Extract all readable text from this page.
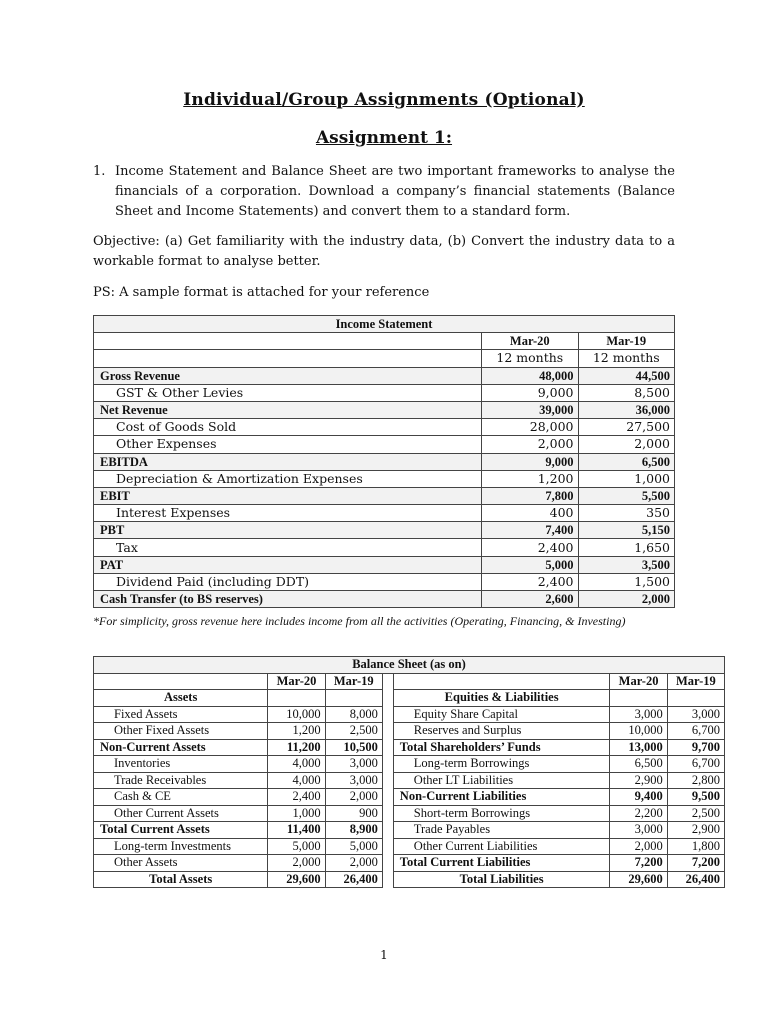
Individual/Group Assignments (Optional)
Assignment 1:

1. Income Statement and Balance Sheet are two important frameworks to analyse the financials of a corporation. Download a company’s financial statements (Balance Sheet and Income Statements) and convert them to a standard form.

Objective: (a) Get familiarity with the industry data, (b) Convert the industry data to a workable format to analyse better.

PS: A sample format is attached for your reference

Income Statement		
	Mar-20	Mar-19
	12 months	12 months
Gross Revenue	48,000	44,500
GST & Other Levies	9,000	8,500
Net Revenue	39,000	36,000
Cost of Goods Sold	28,000	27,500
Other Expenses	2,000	2,000
EBITDA	9,000	6,500
Depreciation & Amortization Expenses	1,200	1,000
EBIT	7,800	5,500
Interest Expenses	400	350
PBT	7,400	5,150
Tax	2,400	1,650
PAT	5,000	3,500
Dividend Paid (including DDT)	2,400	1,500
Cash Transfer (to BS reserves)	2,600	2,000

*For simplicity, gross revenue here includes income from all the activities (Operating, Financing, & Investing)

Balance Sheet (as on)						
	Mar-20	Mar-19			Mar-20	Mar-19
Assets				Equities & Liabilities		
Fixed Assets	10,000	8,000		Equity Share Capital	3,000	3,000
Other Fixed Assets	1,200	2,500		Reserves and Surplus	10,000	6,700
Non-Current Assets	11,200	10,500		Total Shareholders’ Funds	13,000	9,700
Inventories	4,000	3,000		Long-term Borrowings	6,500	6,700
Trade Receivables	4,000	3,000		Other LT Liabilities	2,900	2,800
Cash & CE	2,400	2,000		Non-Current Liabilities	9,400	9,500
Other Current Assets	1,000	900		Short-term Borrowings	2,200	2,500
Total Current Assets	11,400	8,900		Trade Payables	3,000	2,900
Long-term Investments	5,000	5,000		Other Current Liabilities	2,000	1,800
Other Assets	2,000	2,000		Total Current Liabilities	7,200	7,200
Total Assets	29,600	26,400		Total Liabilities	29,600	26,400
1
